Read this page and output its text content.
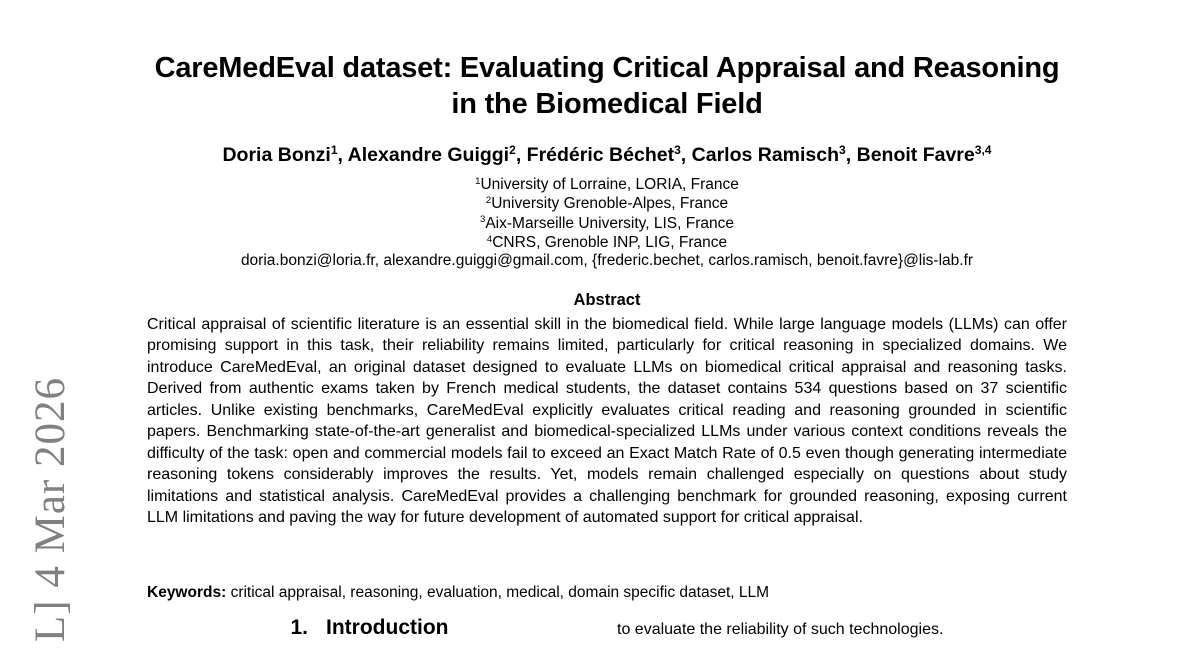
L] 4 Mar 2026
CareMedEval dataset: Evaluating Critical Appraisal and Reasoning
in the Biomedical Field
Doria Bonzi$^1$, Alexandre Guiggi$^2$, Frédéric Béchet$^3$, Carlos Ramisch$^3$, Benoit Favre$^{3,4}$
$^1$University of Lorraine, LORIA, France
$^2$University Grenoble-Alpes, France
$^3$Aix-Marseille University, LIS, France
$^4$CNRS, Grenoble INP, LIG, France
doria.bonzi@loria.fr, alexandre.guiggi@gmail.com, {frederic.bechet, carlos.ramisch, benoit.favre}@lis-lab.fr
Abstract

Critical appraisal of scientific literature is an essential skill in the biomedical field. While large language models (LLMs) can offer promising support in this task, their reliability remains limited, particularly for critical reasoning in specialized domains. We introduce CareMedEval, an original dataset designed to evaluate LLMs on biomedical critical appraisal and reasoning tasks. Derived from authentic exams taken by French medical students, the dataset contains 534 questions based on 37 scientific articles. Unlike existing benchmarks, CareMedEval explicitly evaluates critical reading and reasoning grounded in scientific papers. Benchmarking state-of-the-art generalist and biomedical-specialized LLMs under various context conditions reveals the difficulty of the task: open and commercial models fail to exceed an Exact Match Rate of 0.5 even though generating intermediate reasoning tokens considerably improves the results. Yet, models remain challenged especially on questions about study limitations and statistical analysis. CareMedEval provides a challenging benchmark for grounded reasoning, exposing current LLM limitations and paving the way for future development of automated support for critical appraisal.

Keywords: critical appraisal, reasoning, evaluation, medical, domain specific dataset, LLM

1. Introduction	to evaluate the reliability of such technologies.
